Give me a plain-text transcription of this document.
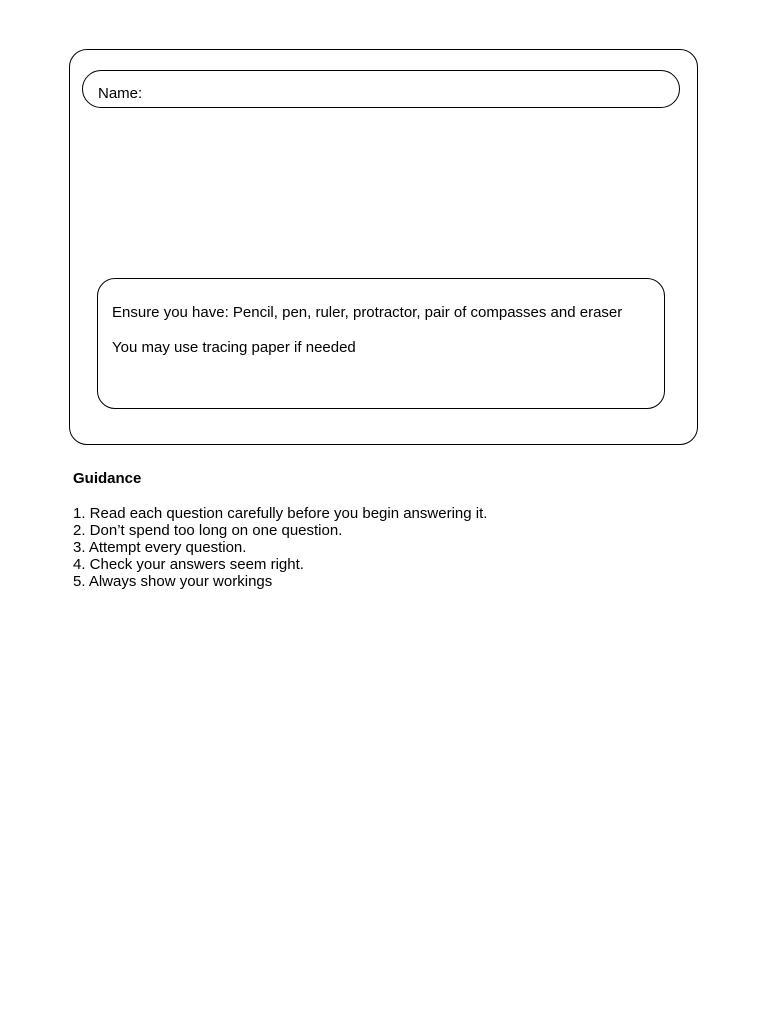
Name:
Ensure you have: Pencil, pen, ruler, protractor, pair of compasses and eraser
You may use tracing paper if needed
Guidance
1. Read each question carefully before you begin answering it.
2. Don’t spend too long on one question.
3. Attempt every question.
4. Check your answers seem right.
5. Always show your workings
